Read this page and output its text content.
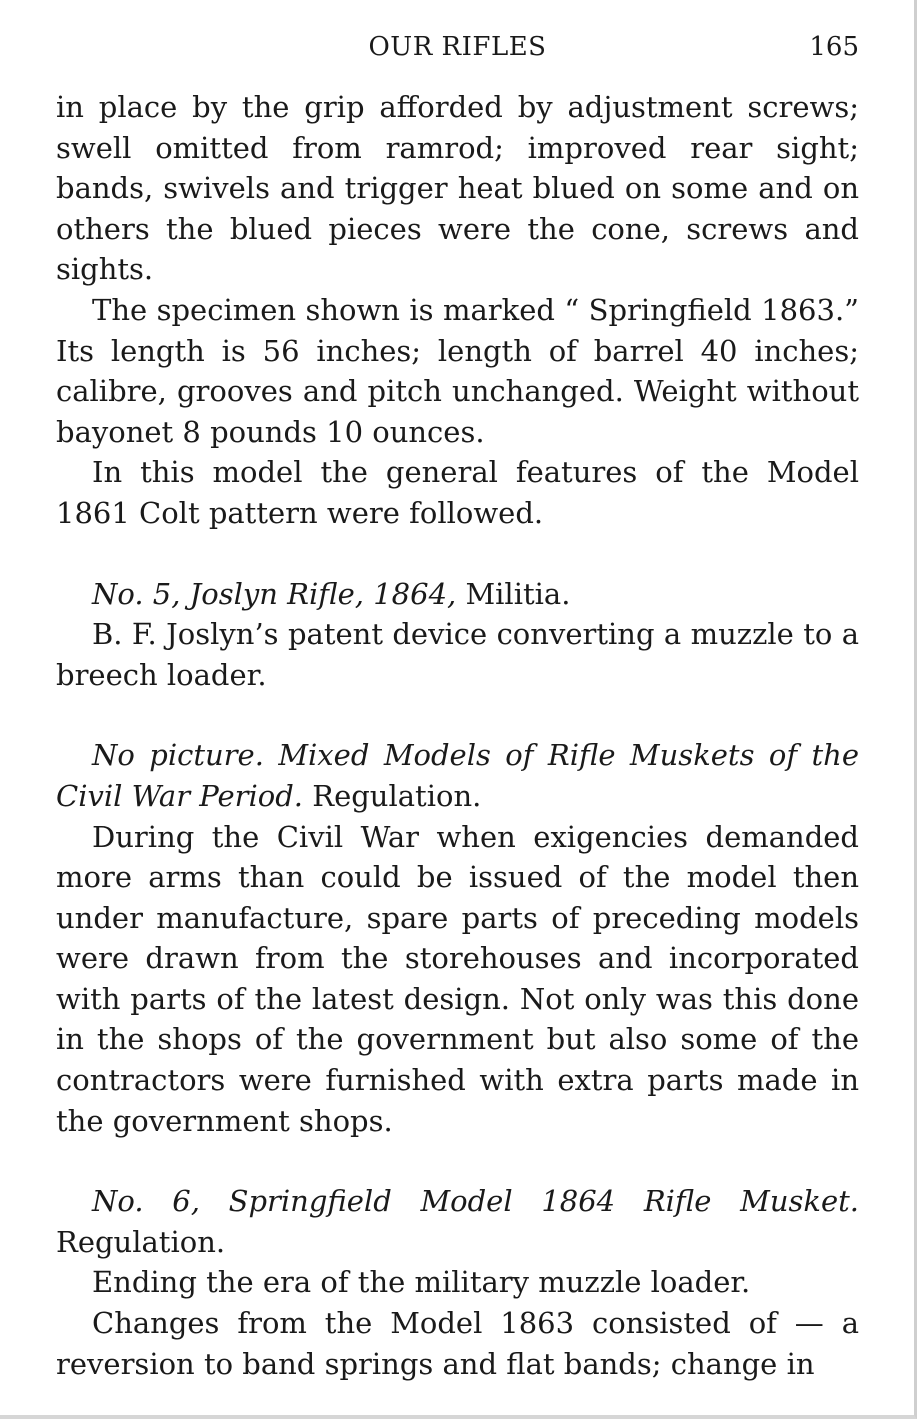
OUR RIFLES	165

in place by the grip afforded by adjustment screws; swell omitted from ramrod; improved rear sight; bands, swivels and trigger heat blued on some and on others the blued pieces were the cone, screws and sights.

The specimen shown is marked “ Springfield 1863.” Its length is 56 inches; length of barrel 40 inches; calibre, grooves and pitch unchanged. Weight without bayonet 8 pounds 10 ounces.

In this model the general features of the Model 1861 Colt pattern were followed.

No. 5, Joslyn Rifle, 1864, Militia.

B. F. Joslyn’s patent device converting a muzzle to a breech loader.

No picture. Mixed Models of Rifle Muskets of the Civil War Period. Regulation.

During the Civil War when exigencies demanded more arms than could be issued of the model then under manufacture, spare parts of preceding models were drawn from the storehouses and incorporated with parts of the latest design. Not only was this done in the shops of the government but also some of the contractors were furnished with extra parts made in the government shops.

No. 6, Springfield Model 1864 Rifle Musket. Regulation.

Ending the era of the military muzzle loader.

Changes from the Model 1863 consisted of — a reversion to band springs and flat bands; change in
